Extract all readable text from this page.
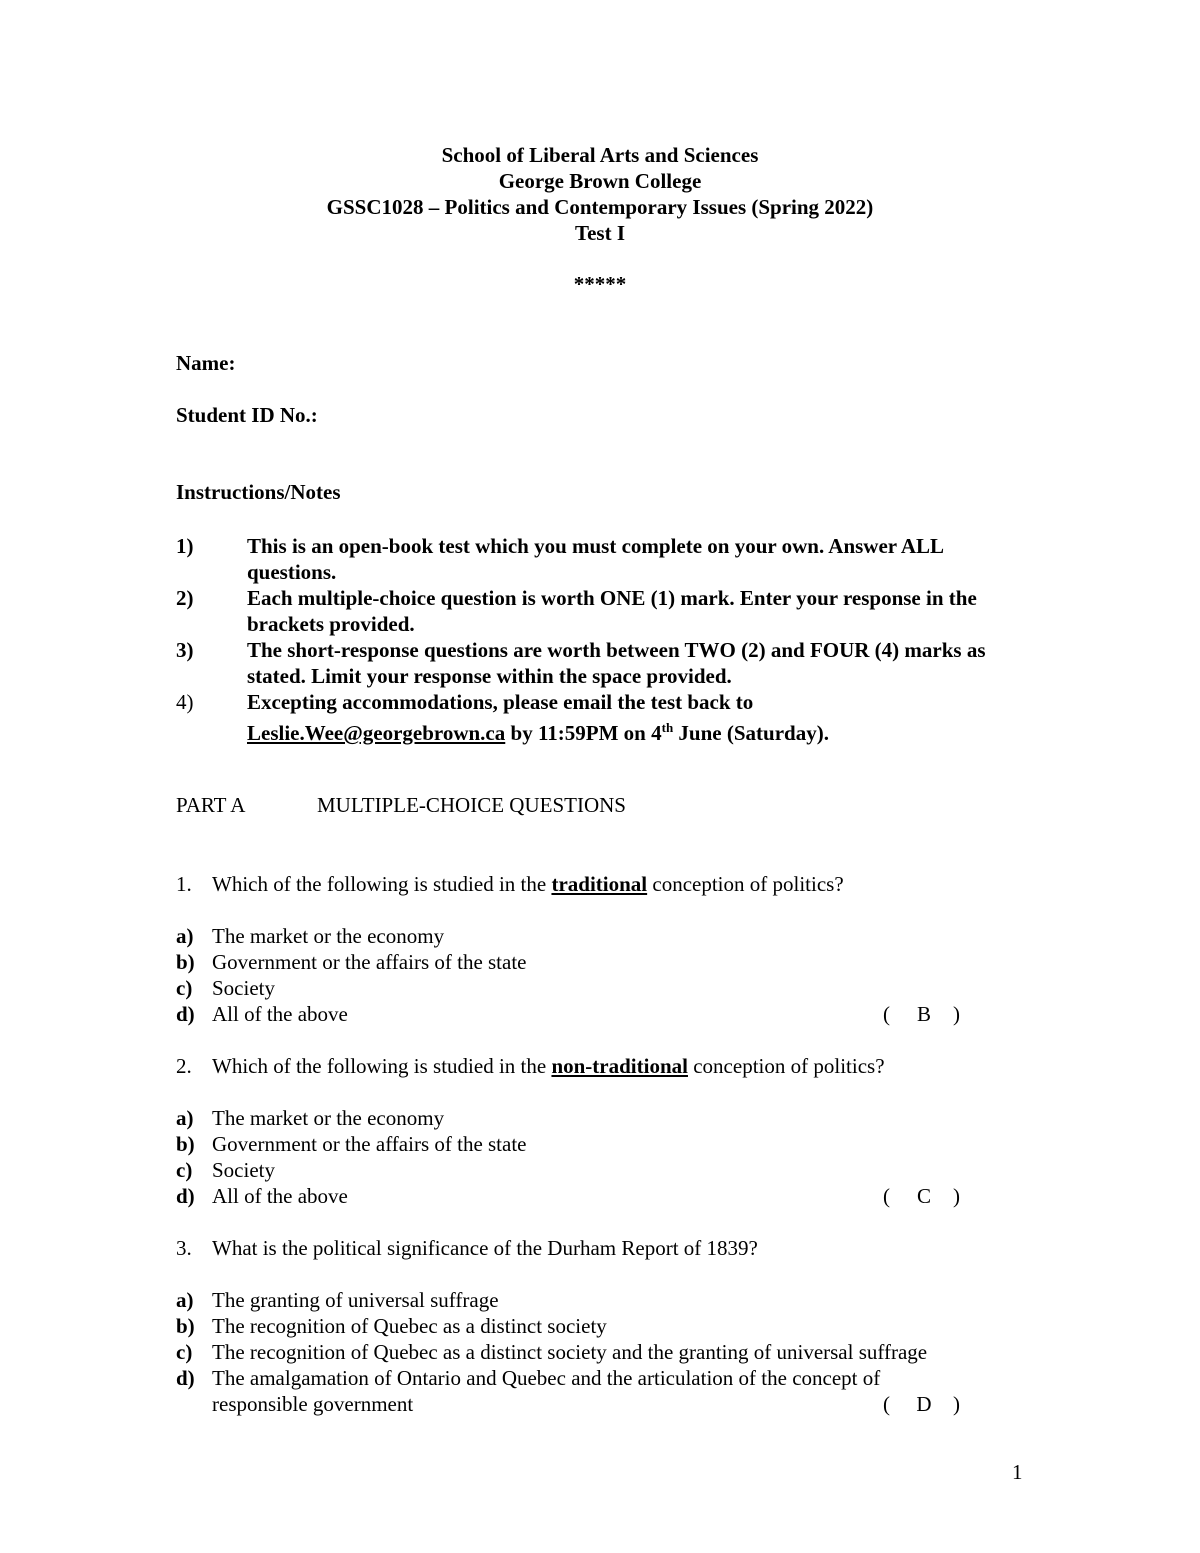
School of Liberal Arts and Sciences
George Brown College
GSSC1028 – Politics and Contemporary Issues (Spring 2022)
Test I
*****
Name:
Student ID No.:
Instructions/Notes
1)	This is an open-book test which you must complete on your own. Answer ALL questions.
2)	Each multiple-choice question is worth ONE (1) mark. Enter your response in the brackets provided.
3)	The short-response questions are worth between TWO (2) and FOUR (4) marks as stated. Limit your response within the space provided.
4)	Excepting accommodations, please email the test back to
Leslie.Wee@georgebrown.ca by 11:59PM on 4th June (Saturday).
PART A	MULTIPLE-CHOICE QUESTIONS
1. Which of the following is studied in the traditional conception of politics?
a) The market or the economy
b) Government or the affairs of the state
c) Society
d) All of the above	( B )
2. Which of the following is studied in the non-traditional conception of politics?
a) The market or the economy
b) Government or the affairs of the state
c) Society
d) All of the above	( C )
3. What is the political significance of the Durham Report of 1839?
a) The granting of universal suffrage
b) The recognition of Quebec as a distinct society
c) The recognition of Quebec as a distinct society and the granting of universal suffrage
d) The amalgamation of Ontario and Quebec and the articulation of the concept of
responsible government	( D )
1
